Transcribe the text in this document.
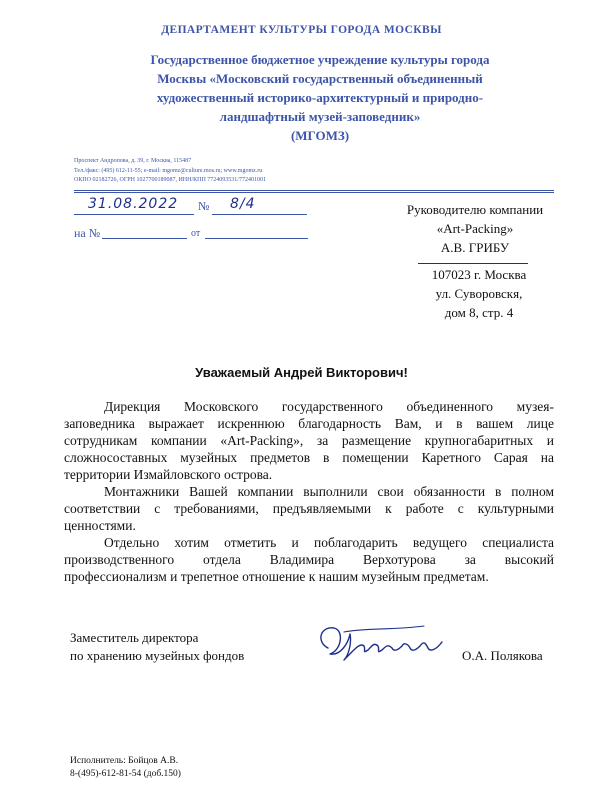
ДЕПАРТАМЕНТ КУЛЬТУРЫ ГОРОДА МОСКВЫ
Государственное бюджетное учреждение культуры города
Москвы «Московский государственный объединенный
художественный историко-архитектурный и природно-
ландшафтный музей-заповедник»
(МГОМЗ)
Проспект Андропова, д. 39, г. Москва, 115487
Тел./факс: (495) 612-11-55; e-mail: mgomz@culture.mos.ru; www.mgomz.ru
ОКПО 02182726, ОГРН 1027700189087, ИНН/КПП 7724093531/772401001
31.08.2022 № 8/4
на №	от
Руководителю компании
«Art-Packing»
А.В. ГРИБУ
107023 г. Москва
ул. Суворовскя,
дом 8, стр. 4
Уважаемый Андрей Викторович!
Дирекция Московского государственного объединенного музея-
заповедника выражает искреннюю благодарность Вам, и в вашем лице
сотрудникам компании «Art-Packing», за размещение крупногабаритных и
сложносоставных музейных предметов в помещении Каретного Сарая на
территории Измайловского острова.
Монтажники Вашей компании выполнили свои обязанности в полном
соответствии с требованиями, предъявляемыми к работе с культурными
ценностями.
Отдельно хотим отметить и поблагодарить ведущего специалиста
производственного отдела Владимира Верхотурова за высокий
профессионализм и трепетное отношение к нашим музейным предметам.
Заместитель директора
по хранению музейных фондов	О.А. Полякова
Исполнитель: Бойцов А.В.
8-(495)-612-81-54 (доб.150)
